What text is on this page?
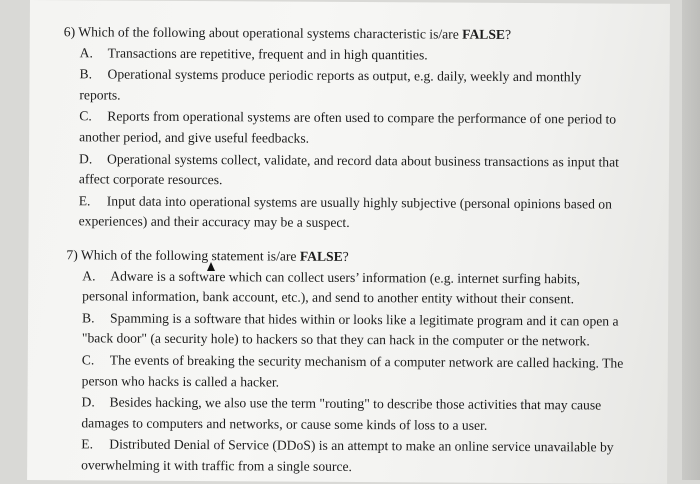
6) Which of the following about operational systems characteristic is/are FALSE?

A. Transactions are repetitive, frequent and in high quantities.

B. Operational systems produce periodic reports as output, e.g. daily, weekly and monthly reports.

C. Reports from operational systems are often used to compare the performance of one period to another period, and give useful feedbacks.

D. Operational systems collect, validate, and record data about business transactions as input that affect corporate resources.

E. Input data into operational systems are usually highly subjective (personal opinions based on experiences) and their accuracy may be a suspect.

7) Which of the following statement is/are FALSE?

A. Adware is a software which can collect users’ information (e.g. internet surfing habits, personal information, bank account, etc.), and send to another entity without their consent.

B. Spamming is a software that hides within or looks like a legitimate program and it can open a "back door" (a security hole) to hackers so that they can hack in the computer or the network.

C. The events of breaking the security mechanism of a computer network are called hacking. The person who hacks is called a hacker.

D. Besides hacking, we also use the term "routing" to describe those activities that may cause damages to computers and networks, or cause some kinds of loss to a user.

E. Distributed Denial of Service (DDoS) is an attempt to make an online service unavailable by overwhelming it with traffic from a single source.
